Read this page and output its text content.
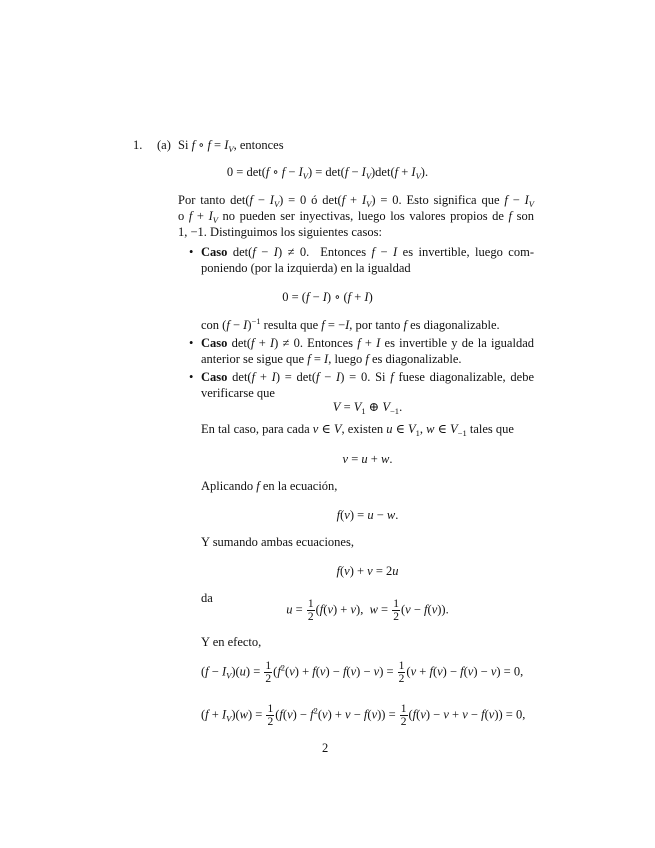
1. (a) Si f ∘ $f = I_V$, entonces
0 = det(f ∘ $f - I_V) = \det(f - I_V)\det(f + I_V)$.
Por tanto $\det(f - I_V) = 0$ ó $\det(f + I_V) = 0$. Esto significa que $f - I_V$
o $f + I_V$ no pueden ser inyectivas, luego los valores propios de f son
1, −1. Distinguimos los siguientes casos:
• Caso det(f − I) ≠ 0.  Entonces f − I es invertible, luego com-
poniendo (por la izquierda) en la igualdad
0 = (f − I) ∘ (f + I)
con $(f - I)^{-1}$ resulta que f = −I, por tanto f es diagonalizable.
• Caso det(f + I) ≠ 0. Entonces f + I es invertible y de la igualdad
anterior se sigue que f = I, luego f es diagonalizable.
• Caso det(f + I) = det(f − I) = 0. Si f fuese diagonalizable, debe
verificarse que
$V = V_1$ ⊕ $V_{-1}$.
En tal caso, para cada v ∈ V, existen u ∈ $V_1$, w ∈ $V_{-1}$ tales que
v = u + w.
Aplicando f en la ecuación,
f(v) = u − w.
Y sumando ambas ecuaciones,
f(v) + v = 2u
da
$u = \frac{1}{2} (f(v) + v)$,  $w = \frac{1}{2} (v - f(v))$.
Y en efecto,
$(f - I_V)(u) = \frac{1}{2} (f^2(v) + f(v) - f(v) - v) = \frac{1}{2} (v + f(v) - f(v) - v) = 0$,
$(f + I_V)(w) = \frac{1}{2} (f(v) - f^2(v) + v - f(v)) = \frac{1}{2} (f(v) - v + v - f(v)) = 0$,
2
